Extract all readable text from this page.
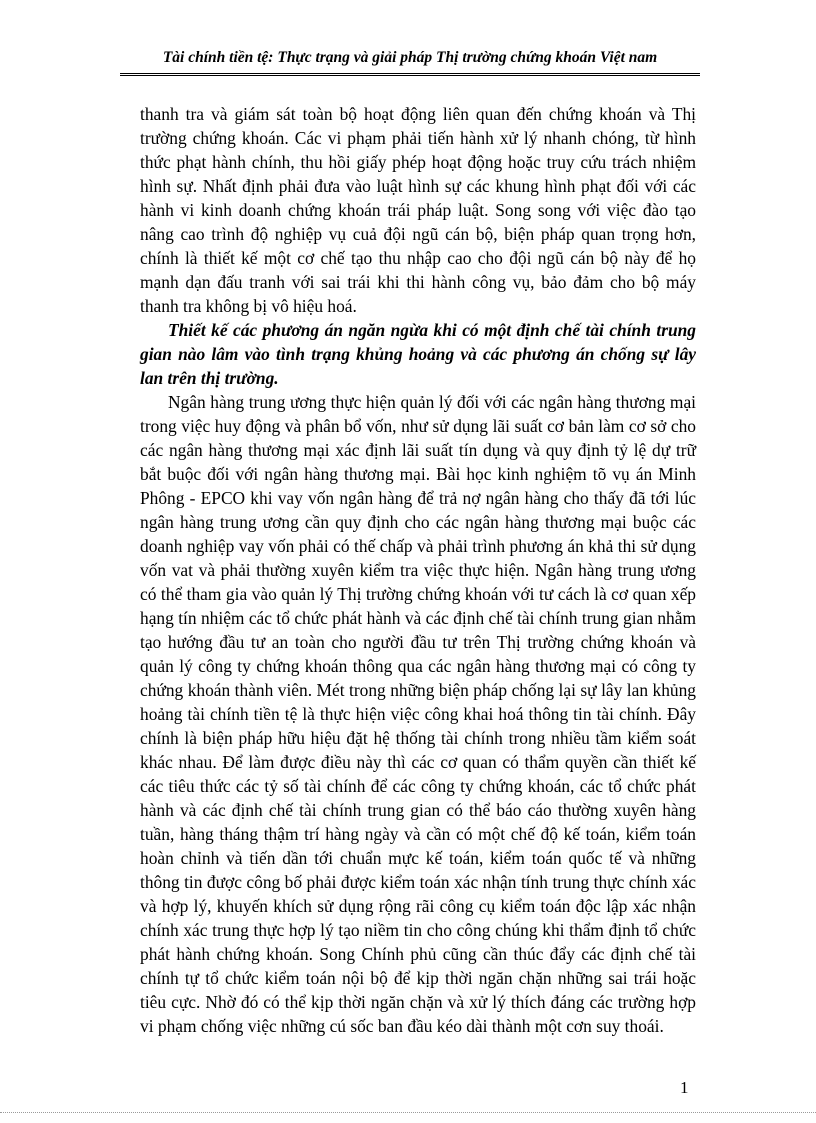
Tài chính tiền tệ: Thực trạng và giải pháp Thị trường chứng khoán Việt nam

thanh tra và giám sát toàn bộ hoạt động liên quan đến chứng khoán và Thị trường chứng khoán. Các vi phạm phải tiến hành xử lý nhanh chóng, từ hình thức phạt hành chính, thu hồi giấy phép hoạt động hoặc truy cứu trách nhiệm hình sự. Nhất định phải đưa vào luật hình sự các khung hình phạt đối với các hành vi kinh doanh chứng khoán trái pháp luật. Song song với việc đào tạo nâng cao trình độ nghiệp vụ cuả đội ngũ cán bộ, biện pháp quan trọng hơn, chính là thiết kế một cơ chế tạo thu nhập cao cho đội ngũ cán bộ này để họ mạnh dạn đấu tranh với sai trái khi thi hành công vụ, bảo đảm cho bộ máy thanh tra không bị vô hiệu hoá.

Thiết kế các phương án ngăn ngừa khi có một định chế tài chính trung gian nào lâm vào tình trạng khủng hoảng và các phương án chống sự lây lan trên thị trường.

Ngân hàng trung ương thực hiện quản lý đối với các ngân hàng thương mại trong việc huy động và phân bổ vốn, như sử dụng lãi suất cơ bản làm cơ sở cho các ngân hàng thương mại xác định lãi suất tín dụng và quy định tỷ lệ dự trữ bắt buộc đối với ngân hàng thương mại. Bài học kinh nghiệm tõ vụ án Minh Phông - EPCO khi vay vốn ngân hàng để trả nợ ngân hàng cho thấy đã tới lúc ngân hàng trung ương cần quy định cho các ngân hàng thương mại buộc các doanh nghiệp vay vốn phải có thế chấp và phải trình phương án khả thi sử dụng vốn vat và phải thường xuyên kiểm tra việc thực hiện. Ngân hàng trung ương có thể tham gia vào quản lý Thị trường chứng khoán với tư cách là cơ quan xếp hạng tín nhiệm các tổ chức phát hành và các định chế tài chính trung gian nhằm tạo hướng đầu tư an toàn cho người đầu tư trên Thị trường chứng khoán và quản lý công ty chứng khoán thông qua các ngân hàng thương mại có công ty chứng khoán thành viên. Mét trong những biện pháp chống lại sự lây lan khủng hoảng tài chính tiền tệ là thực hiện việc công khai hoá thông tin tài chính. Đây chính là biện pháp hữu hiệu đặt hệ thống tài chính trong nhiều tầm kiểm soát khác nhau. Để làm được điều này thì các cơ quan có thẩm quyền cần thiết kế các tiêu thức các tỷ số tài chính để các công ty chứng khoán, các tổ chức phát hành và các định chế tài chính trung gian có thể báo cáo thường xuyên hàng tuần, hàng tháng thậm trí hàng ngày và cần có một chế độ kế toán, kiểm toán hoàn chỉnh và tiến dần tới chuẩn mực kế toán, kiểm toán quốc tế và những thông tin được công bố phải được kiểm toán xác nhận tính trung thực chính xác và hợp lý, khuyến khích sử dụng rộng rãi công cụ kiểm toán độc lập xác nhận chính xác trung thực hợp lý tạo niềm tin cho công chúng khi thẩm định tổ chức phát hành chứng khoán. Song Chính phủ cũng cần thúc đẩy các định chế tài chính tự tổ chức kiểm toán nội bộ để kịp thời ngăn chặn những sai trái hoặc tiêu cực. Nhờ đó có thể kịp thời ngăn chặn và xử lý thích đáng các trường hợp vi phạm chống việc những cú sốc ban đầu kéo dài thành một cơn suy thoái.

1
